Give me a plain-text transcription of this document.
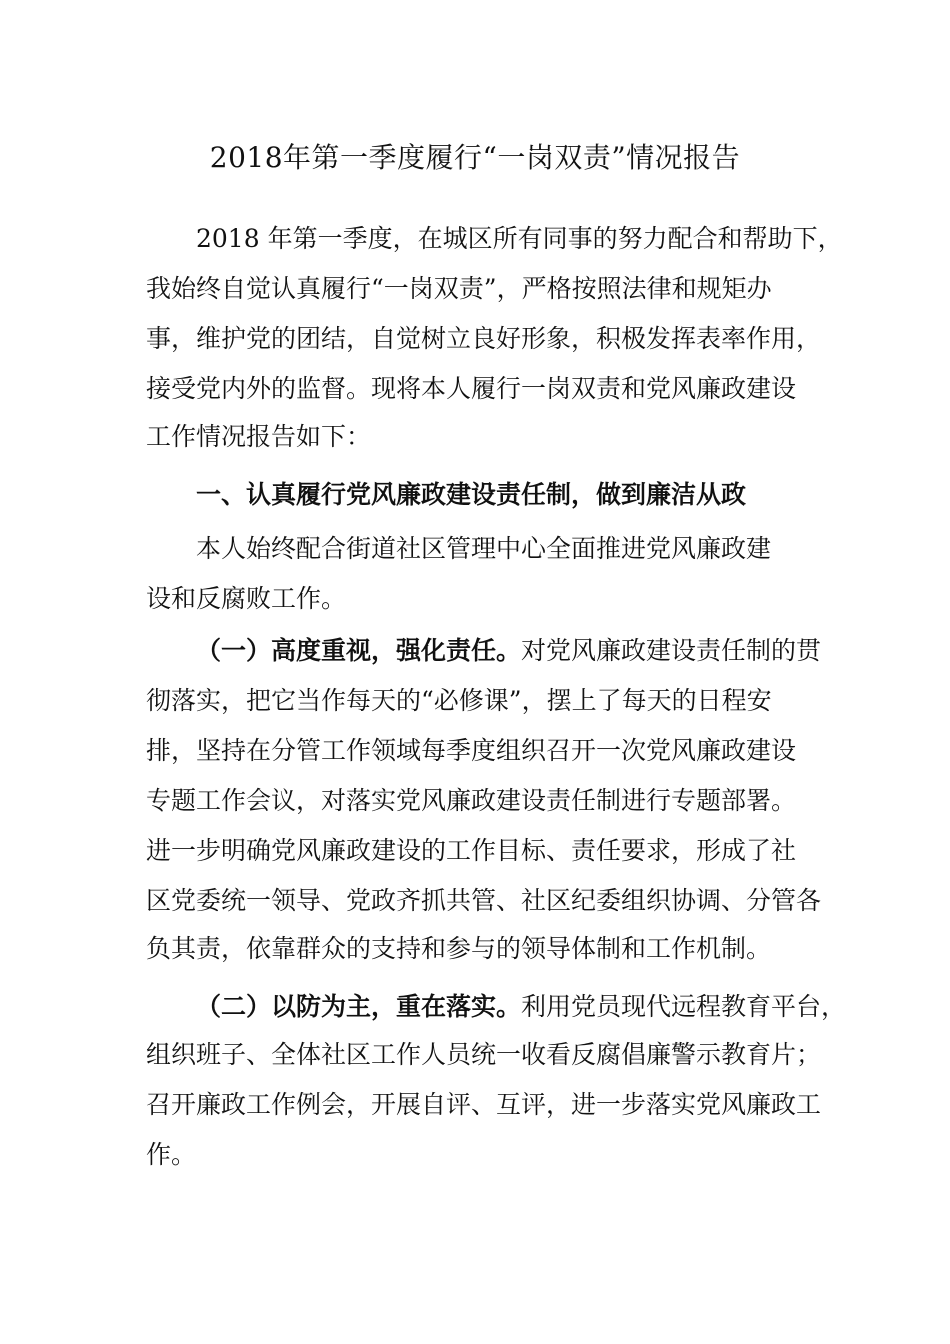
2018年第一季度履行“一岗双责”情况报告
2018 年第一季度，在城区所有同事的努力配合和帮助下，
我始终自觉认真履行“一岗双责”，严格按照法律和规矩办
事，维护党的团结，自觉树立良好形象，积极发挥表率作用，
接受党内外的监督。现将本人履行一岗双责和党风廉政建设
工作情况报告如下：
一、认真履行党风廉政建设责任制，做到廉洁从政
本人始终配合街道社区管理中心全面推进党风廉政建
设和反腐败工作。
（一）高度重视，强化责任。对党风廉政建设责任制的贯
彻落实，把它当作每天的“必修课”，摆上了每天的日程安
排，坚持在分管工作领域每季度组织召开一次党风廉政建设
专题工作会议，对落实党风廉政建设责任制进行专题部署。
进一步明确党风廉政建设的工作目标、责任要求，形成了社
区党委统一领导、党政齐抓共管、社区纪委组织协调、分管各
负其责，依靠群众的支持和参与的领导体制和工作机制。
（二）以防为主，重在落实。利用党员现代远程教育平台，
组织班子、全体社区工作人员统一收看反腐倡廉警示教育片；
召开廉政工作例会，开展自评、互评，进一步落实党风廉政工
作。
